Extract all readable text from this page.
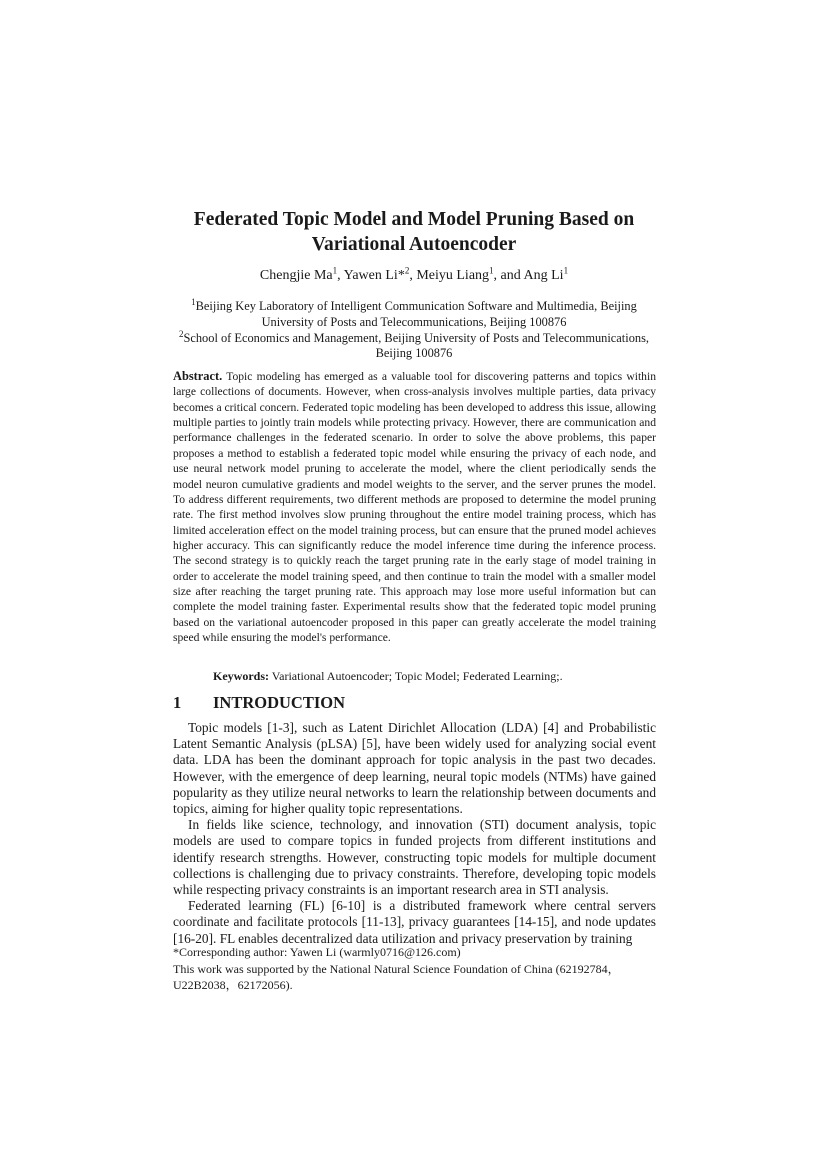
Federated Topic Model and Model Pruning Based on
Variational Autoencoder
Chengjie Ma$^1$, Yawen Li*$^2$, Meiyu Liang$^1$, and Ang Li$^1$

$^1$Beijing Key Laboratory of Intelligent Communication Software and Multimedia, Beijing University of Posts and Telecommunications, Beijing 100876

$^2$School of Economics and Management, Beijing University of Posts and Telecommunications, Beijing 100876

Abstract. Topic modeling has emerged as a valuable tool for discovering patterns and topics within large collections of documents. However, when cross-analysis involves multiple parties, data privacy becomes a critical concern. Federated topic modeling has been developed to address this issue, allowing multiple parties to jointly train models while protecting privacy. However, there are communication and performance challenges in the federated scenario. In order to solve the above problems, this paper proposes a method to establish a federated topic model while ensuring the privacy of each node, and use neural network model pruning to accelerate the model, where the client periodically sends the model neuron cumulative gradients and model weights to the server, and the server prunes the model. To address different requirements, two different methods are proposed to determine the model pruning rate. The first method involves slow pruning throughout the entire model training process, which has limited acceleration effect on the model training process, but can ensure that the pruned model achieves higher accuracy. This can significantly reduce the model inference time during the inference process. The second strategy is to quickly reach the target pruning rate in the early stage of model training in order to accelerate the model training speed, and then continue to train the model with a smaller model size after reaching the target pruning rate. This approach may lose more useful information but can complete the model training faster. Experimental results show that the federated topic model pruning based on the variational autoencoder proposed in this paper can greatly accelerate the model training speed while ensuring the model's performance.

Keywords: Variational Autoencoder; Topic Model; Federated Learning;.

1 INTRODUCTION

Topic models [1-3], such as Latent Dirichlet Allocation (LDA) [4] and Probabilistic Latent Semantic Analysis (pLSA) [5], have been widely used for analyzing social event data. LDA has been the dominant approach for topic analysis in the past two decades. However, with the emergence of deep learning, neural topic models (NTMs) have gained popularity as they utilize neural networks to learn the relationship between documents and topics, aiming for higher quality topic representations.

In fields like science, technology, and innovation (STI) document analysis, topic models are used to compare topics in funded projects from different institutions and identify research strengths. However, constructing topic models for multiple document collections is challenging due to privacy constraints. Therefore, developing topic models while respecting privacy constraints is an important research area in STI analysis.

Federated learning (FL) [6-10] is a distributed framework where central servers coordinate and facilitate protocols [11-13], privacy guarantees [14-15], and node updates [16-20]. FL enables decentralized data utilization and privacy preservation by training

*Corresponding author: Yawen Li (warmly0716@126.com)

This work was supported by the National Natural Science Foundation of China (62192784，U22B2038，62172056).
